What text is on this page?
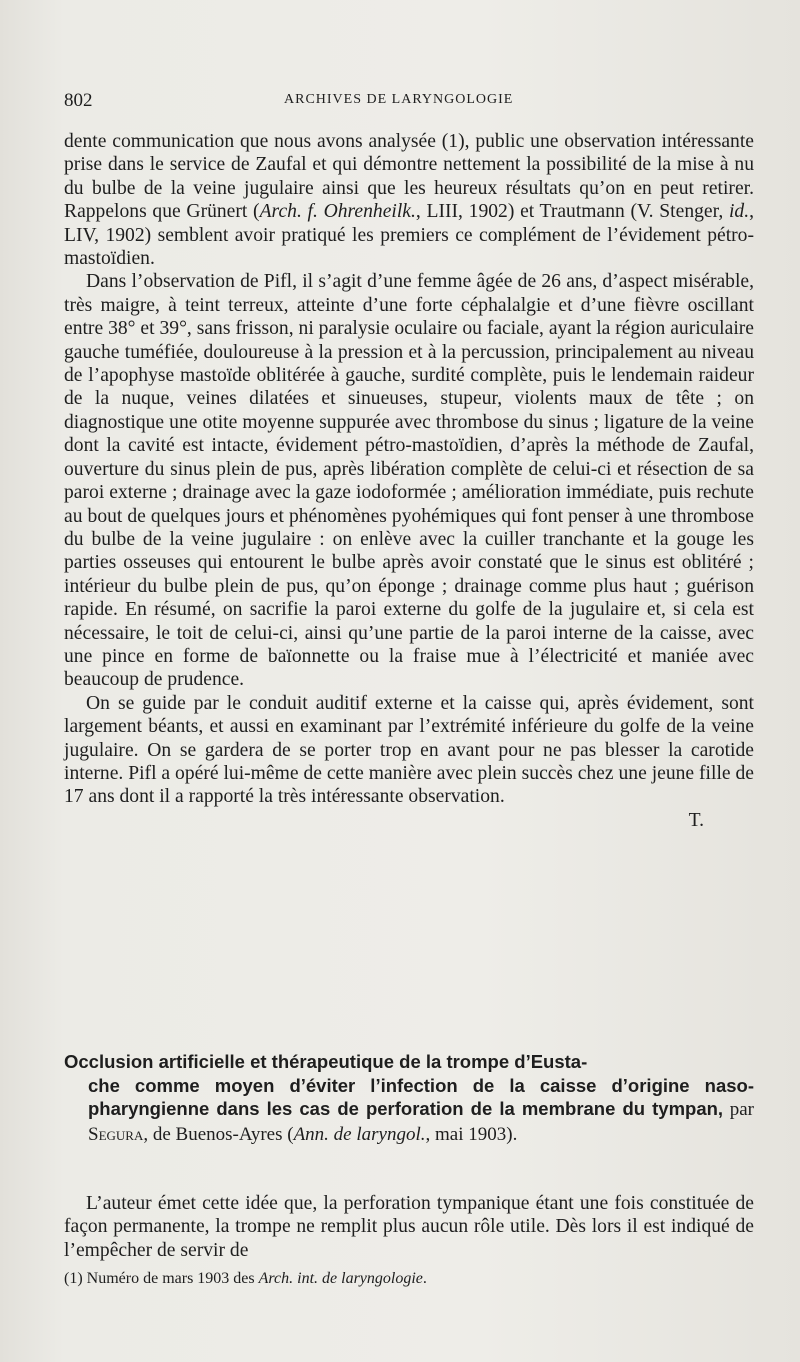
802	ARCHIVES DE LARYNGOLOGIE

dente communication que nous avons analysée (1), public une observation intéressante prise dans le service de Zaufal et qui démontre nettement la possibilité de la mise à nu du bulbe de la veine jugulaire ainsi que les heureux résultats qu’on en peut retirer. Rappelons que Grünert (Arch. f. Ohrenheilk., LIII, 1902) et Trautmann (V. Stenger, id., LIV, 1902) semblent avoir pratiqué les premiers ce complément de l’évidement pétro-mastoïdien.

Dans l’observation de Pifl, il s’agit d’une femme âgée de 26 ans, d’aspect misérable, très maigre, à teint terreux, atteinte d’une forte céphalalgie et d’une fièvre oscillant entre 38° et 39°, sans frisson, ni paralysie oculaire ou faciale, ayant la région auriculaire gauche tuméfiée, douloureuse à la pression et à la percussion, principalement au niveau de l’apophyse mastoïde oblitérée à gauche, surdité complète, puis le lendemain raideur de la nuque, veines dilatées et sinueuses, stupeur, violents maux de tête ; on diagnostique une otite moyenne suppurée avec thrombose du sinus ; ligature de la veine dont la cavité est intacte, évidement pétro-mastoïdien, d’après la méthode de Zaufal, ouverture du sinus plein de pus, après libération complète de celui-ci et résection de sa paroi externe ; drainage avec la gaze iodoformée ; amélioration immédiate, puis rechute au bout de quelques jours et phénomènes pyohémiques qui font penser à une thrombose du bulbe de la veine jugulaire : on enlève avec la cuiller tranchante et la gouge les parties osseuses qui entourent le bulbe après avoir constaté que le sinus est oblitéré ; intérieur du bulbe plein de pus, qu’on éponge ; drainage comme plus haut ; guérison rapide. En résumé, on sacrifie la paroi externe du golfe de la jugulaire et, si cela est nécessaire, le toit de celui-ci, ainsi qu’une partie de la paroi interne de la caisse, avec une pince en forme de baïonnette ou la fraise mue à l’électricité et maniée avec beaucoup de prudence.

On se guide par le conduit auditif externe et la caisse qui, après évidement, sont largement béants, et aussi en examinant par l’extrémité inférieure du golfe de la veine jugulaire. On se gardera de se porter trop en avant pour ne pas blesser la carotide interne. Pifl a opéré lui-même de cette manière avec plein succès chez une jeune fille de 17 ans dont il a rapporté la très intéressante observation.

T.
Occlusion artificielle et thérapeutique de la trompe d’Eusta-
che comme moyen d’éviter l’infection de la caisse d’origine naso-pharyngienne dans les cas de perforation de la membrane du tympan, par Segura, de Buenos-Ayres (Ann. de laryngol., mai 1903).
L’auteur émet cette idée que, la perforation tympanique étant une fois constituée de façon permanente, la trompe ne remplit plus aucun rôle utile. Dès lors il est indiqué de l’empêcher de servir de
(1) Numéro de mars 1903 des Arch. int. de laryngologie.
